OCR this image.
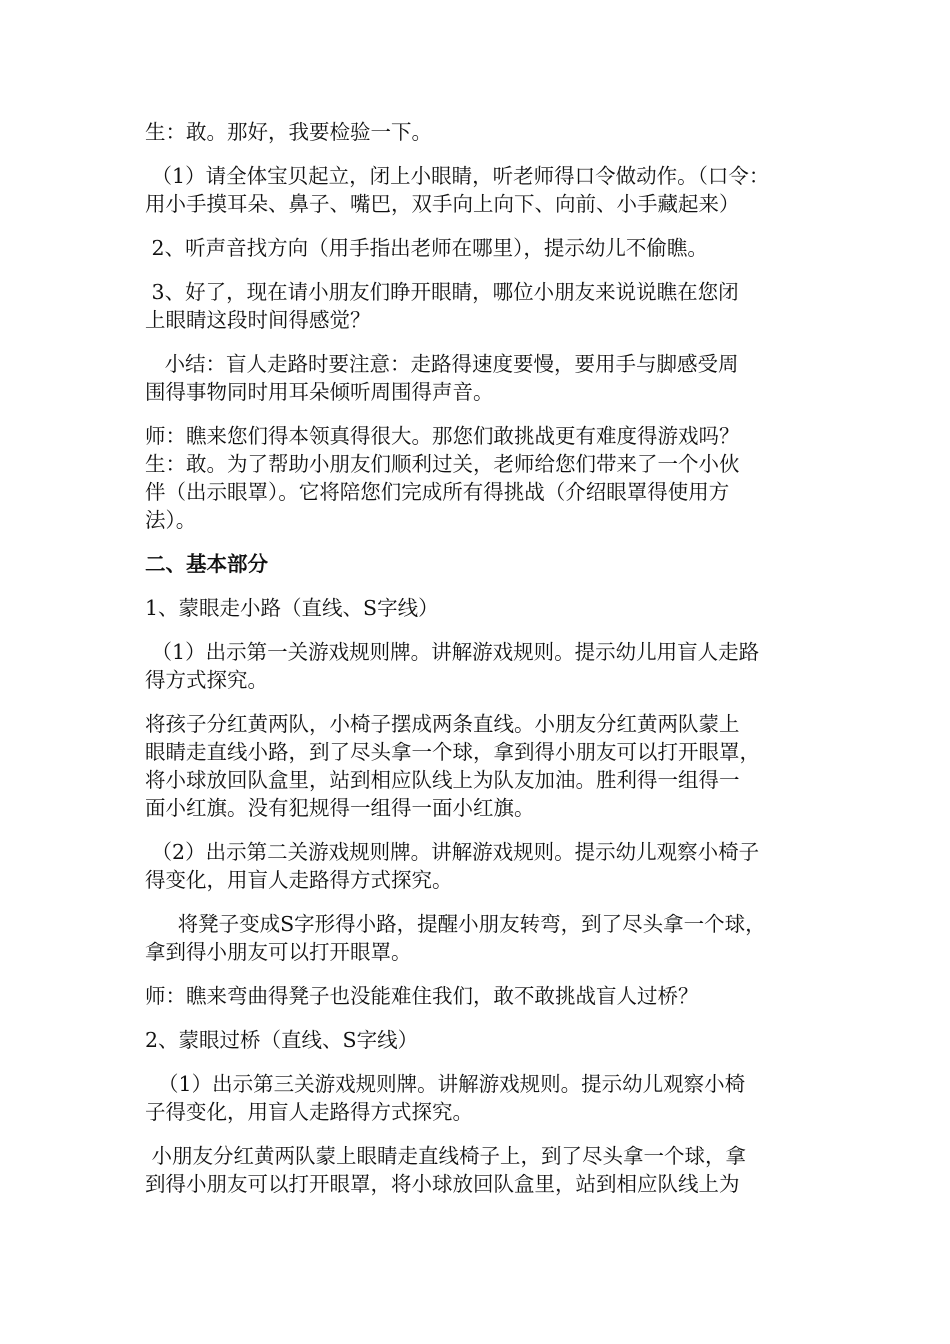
生：敢。那好，我要检验一下。

（1）请全体宝贝起立，闭上小眼睛，听老师得口令做动作。（口令：
用小手摸耳朵、鼻子、嘴巴，双手向上向下、向前、小手藏起来）

2、听声音找方向（用手指出老师在哪里），提示幼儿不偷瞧。

3、好了，现在请小朋友们睁开眼睛，哪位小朋友来说说瞧在您闭
上眼睛这段时间得感觉？

小结：盲人走路时要注意：走路得速度要慢，要用手与脚感受周
围得事物同时用耳朵倾听周围得声音。

师：瞧来您们得本领真得很大。那您们敢挑战更有难度得游戏吗？

生：敢。为了帮助小朋友们顺利过关，老师给您们带来了一个小伙
伴（出示眼罩）。它将陪您们完成所有得挑战（介绍眼罩得使用方
法）。

二、基本部分

1、蒙眼走小路（直线、S字线）

（1）出示第一关游戏规则牌。讲解游戏规则。提示幼儿用盲人走路
得方式探究。

将孩子分红黄两队，小椅子摆成两条直线。小朋友分红黄两队蒙上
眼睛走直线小路，到了尽头拿一个球，拿到得小朋友可以打开眼罩，
将小球放回队盒里，站到相应队线上为队友加油。胜利得一组得一
面小红旗。没有犯规得一组得一面小红旗。

（2）出示第二关游戏规则牌。讲解游戏规则。提示幼儿观察小椅子
得变化，用盲人走路得方式探究。

将凳子变成S字形得小路，提醒小朋友转弯，到了尽头拿一个球，
拿到得小朋友可以打开眼罩。

师：瞧来弯曲得凳子也没能难住我们，敢不敢挑战盲人过桥？

2、蒙眼过桥（直线、S字线）

（1）出示第三关游戏规则牌。讲解游戏规则。提示幼儿观察小椅
子得变化，用盲人走路得方式探究。

小朋友分红黄两队蒙上眼睛走直线椅子上，到了尽头拿一个球，拿
到得小朋友可以打开眼罩，将小球放回队盒里，站到相应队线上为
